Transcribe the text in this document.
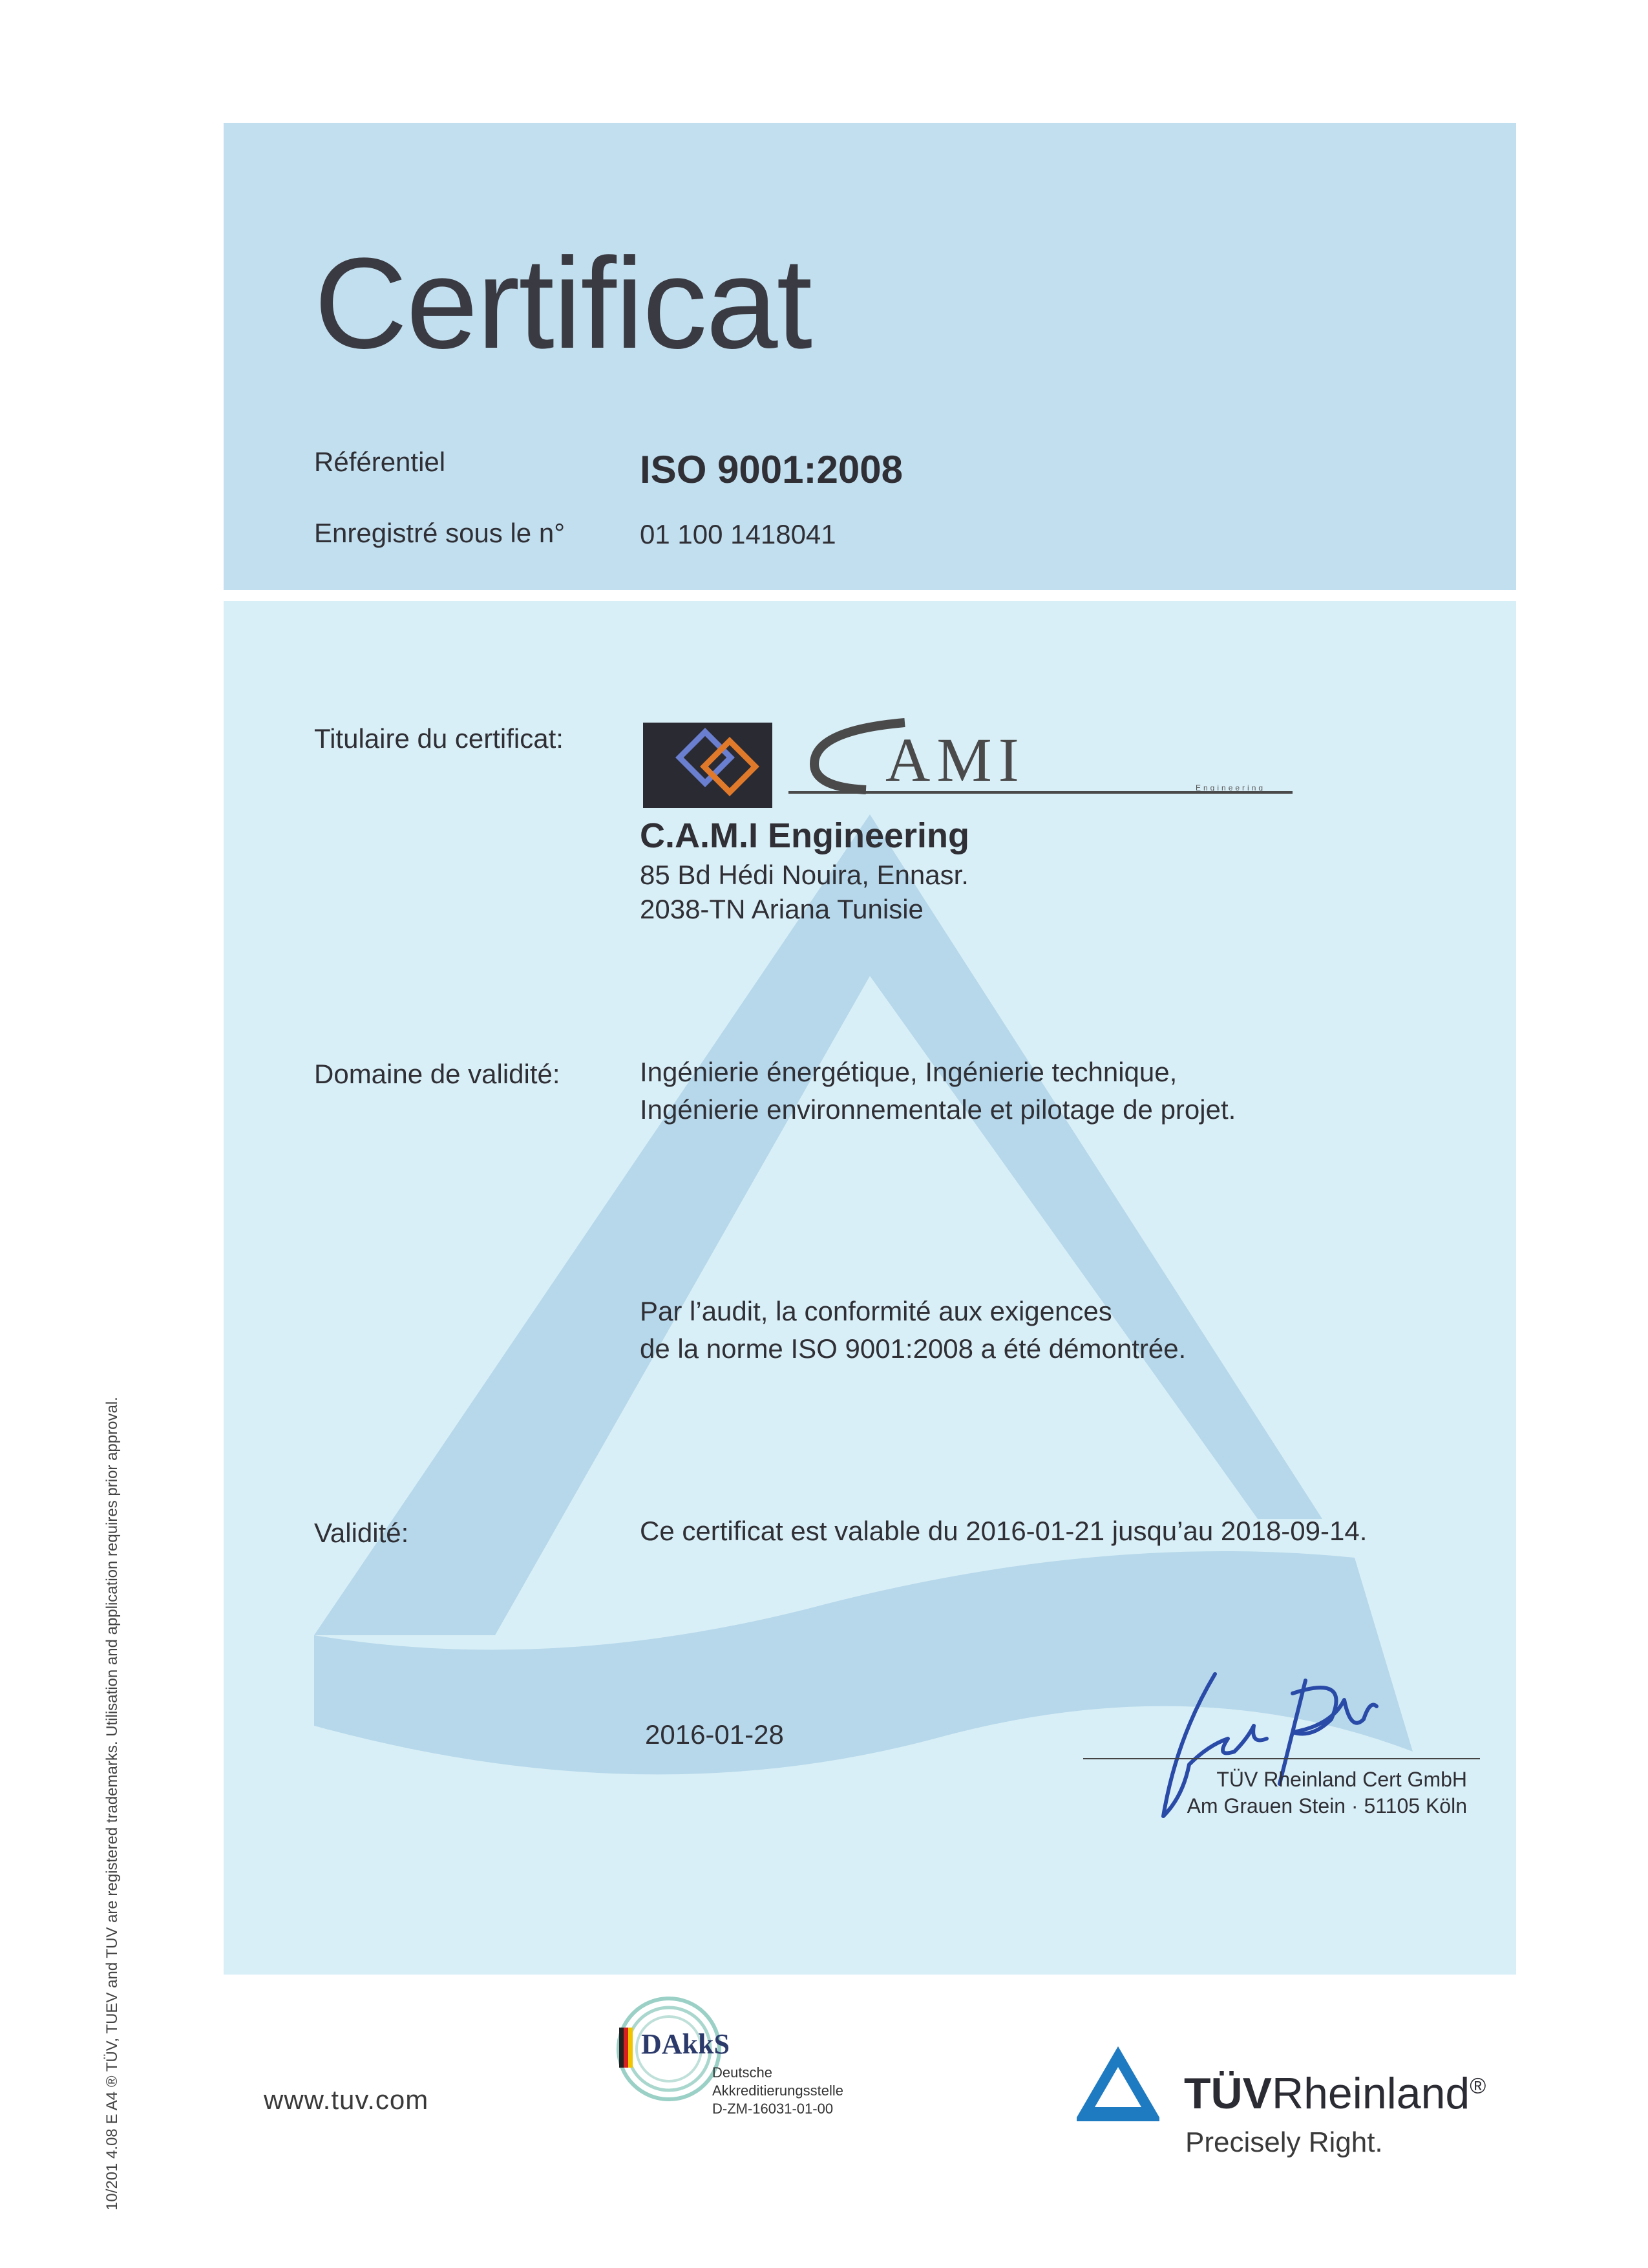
Certificat
Référentiel	ISO 9001:2008
Enregistré sous le n°	01 100 1418041
Titulaire du certificat:	AMI	Engineering
C.A.M.I Engineering
85 Bd Hédi Nouira, Ennasr.
2038-TN Ariana Tunisie
Domaine de validité:	Ingénierie énergétique, Ingénierie technique,
Ingénierie environnementale et pilotage de projet.
Par l’audit, la conformité aux exigences
de la norme ISO 9001:2008 a été démontrée.
Validité:	Ce certificat est valable du 2016-01-21 jusqu’au 2018-09-14.
2016-01-28
TÜV Rheinland Cert GmbH
Am Grauen Stein · 51105 Köln
10/201 4.08 E A4 ® TÜV, TUEV and TUV are registered trademarks. Utilisation and application requires prior approval.	www.tuv.com
DAkkS
Deutsche
Akkreditierungsstelle
D-ZM-16031-01-00	TÜVRheinland®
Precisely Right.
